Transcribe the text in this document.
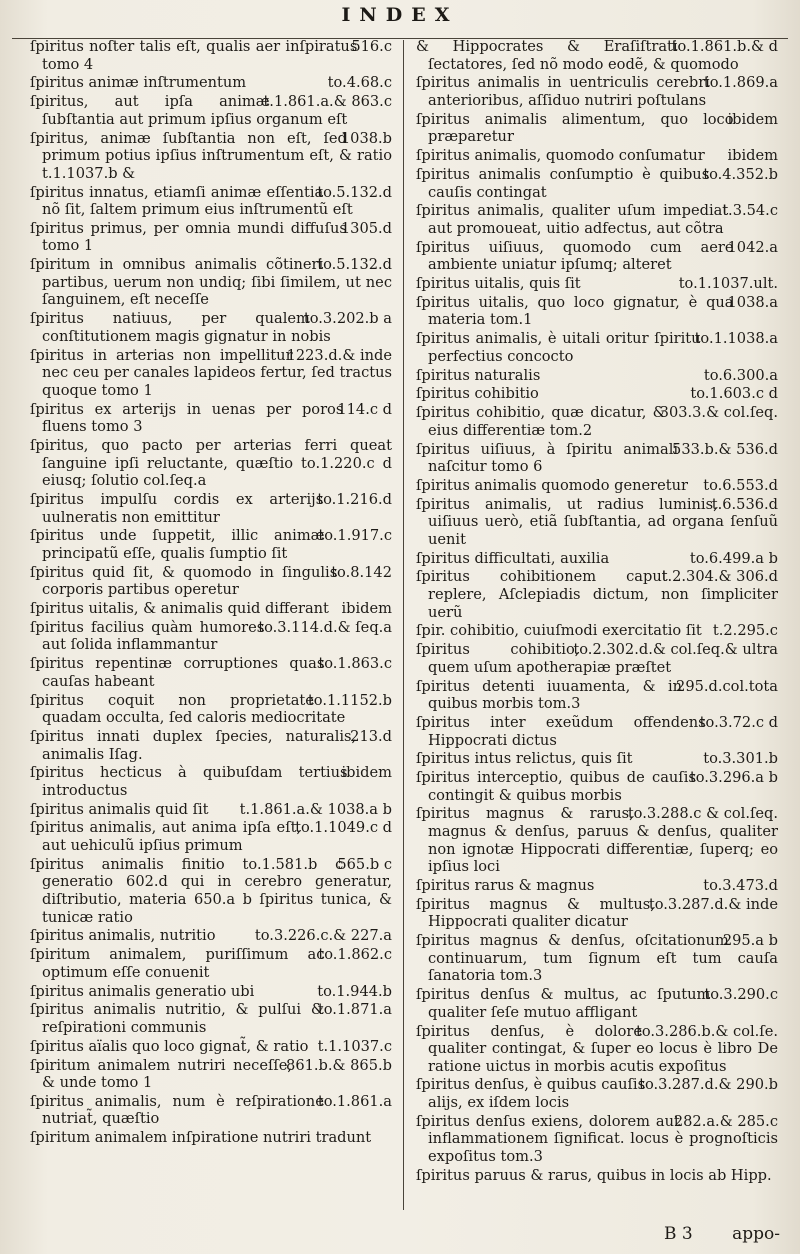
INDEX
516.c
ſpiritus noſter talis eſt, qualis aer inſpiratus tomo 4
to.4.68.c
ſpiritus animæ inſtrumentum
t.1.861.a.& 863.c
ſpiritus, aut ipſa animæ ſubſtantia aut primum ipſius organum eſt
1038.b
ſpiritus, animæ ſubſtantia non eſt, ſed primum potius ipſius inſtrumentum eſt, & ratio t.1.1037.b &
to.5.132.d
ſpiritus innatus, etiamſi animæ eſſentia nõ ſit, ſaltem primum eius inſtrumentũ eſt
1305.d
ſpiritus primus, per omnia mundi diffuſus tomo 1
to.5.132.d
ſpiritum in omnibus animalis cõtineri partibus, uerum non undiq; ſibi ſimilem, ut nec ſanguinem, eſt neceſſe
to.3.202.b a
ſpiritus natiuus, per qualem conſtitutionem magis gignatur in nobis
1223.d.& inde
ſpiritus in arterias non impellitur nec ceu per canales lapideos fertur, ſed tractus quoque tomo 1
114.c d
ſpiritus ex arterijs in uenas per poros fluens tomo 3
ſpiritus, quo pacto per arterias ferri queat ſanguine ipſi reluctante, quæſtio to.1.220.c d eiusq; ſolutio col.ſeq.a
to.1.216.d
ſpiritus impulſu cordis ex arterijs uulneratis non emittitur
to.1.917.c
ſpiritus unde ſuppetit, illic animæ principatũ eſſe, qualis ſumptio ſit
to.8.142
ſpiritus quid ſit, & quomodo in ſingulis corporis partibus operetur
ibidem
ſpiritus uitalis, & animalis quid differant
to.3.114.d.& ſeq.a
ſpiritus facilius quàm humores aut ſolida inflammantur
to.1.863.c
ſpiritus repentinæ corruptiones quas cauſas habeant
to.1.1152.b
ſpiritus coquit non proprietate quadam occulta, ſed caloris mediocritate
213.d
ſpiritus innati duplex ſpecies, naturalis, animalis Iſag.
ibidem
ſpiritus hecticus à quibuſdam tertius introductus
t.1.861.a.& 1038.a b
ſpiritus animalis quid ſit
to.1.1049.c d
ſpiritus animalis, aut anima ipſa eſt, aut uehiculũ ipſius primum
565.b c
ſpiritus animalis finitio to.1.581.b c generatio 602.d qui in cerebro generatur, diſtributio, materia 650.a b ſpiritus tunica, & tunicæ ratio
to.3.226.c.& 227.a
ſpiritus animalis, nutritio
to.1.862.c
ſpiritum animalem, puriſſimum ac optimum eſſe conuenit
to.1.944.b
ſpiritus animalis generatio ubi
to.1.871.a
ſpiritus animalis nutritio, & pulſui & reſpirationi communis
t.1.1037.c
ſpiritus aïalis quo loco gignat̃, & ratio
861.b.& 865.b
ſpiritum animalem nutriri neceſſe, & unde tomo 1
to.1.861.a
ſpiritus animalis, num è reſpiratione nutriat̃, quæſtio
ſpiritum animalem inſpiratione nutriri tradunt
to.1.861.b.& d
& Hippocrates & Eraſiſtrati ſectatores, ſed nõ modo eodẽ, & quomodo
to.1.869.a
ſpiritus animalis in uentriculis cerebri anterioribus, aſſiduo nutriri poſtulans
ibidem
ſpiritus animalis alimentum, quo loco præparetur
ibidem
ſpiritus animalis, quomodo conſumatur
to.4.352.b
ſpiritus animalis conſumptio è quibus cauſis contingat
t.3.54.c
ſpiritus animalis, qualiter uſum impediat aut promoueat, uitio adfectus, aut cõtra
1042.a
ſpiritus uiſiuus, quomodo cum aere ambiente uniatur ipſumq; alteret
to.1.1037.ult.
ſpiritus uitalis, quis ſit
1038.a
ſpiritus uitalis, quo loco gignatur, è qua materia tom.1
to.1.1038.a
ſpiritus animalis, è uitali oritur ſpiritu perfectius concocto
to.6.300.a
ſpiritus naturalis
to.1.603.c d
ſpiritus cohibitio
303.3.& col.ſeq.
ſpiritus cohibitio, quæ dicatur, & eius differentiæ tom.2
533.b.& 536.d
ſpiritus uiſiuus, à ſpiritu animali naſcitur tomo 6
to.6.553.d
ſpiritus animalis quomodo generetur
t.6.536.d
ſpiritus animalis, ut radius luminis, uiſiuus uerò, etiã ſubſtantia, ad organa ſenſuũ uenit
to.6.499.a b
ſpiritus difficultati, auxilia
t.2.304.& 306.d
ſpiritus cohibitionem caput replere, Aſclepiadis dictum, non ſimpliciter uerũ
t.2.295.c
ſpir. cohibitio, cuiuſmodi exercitatio ſit
to.2.302.d.& col.ſeq.& ultra
ſpiritus cohibitio, quem uſum apotherapiæ præſtet
295.d.col.tota
ſpiritus detenti iuuamenta, & in quibus morbis tom.3
to.3.72.c d
ſpiritus inter exeũdum offendens Hippocrati dictus
to.3.301.b
ſpiritus intus relictus, quis ſit
to.3.296.a b
ſpiritus interceptio, quibus de cauſis contingit & quibus morbis
to.3.288.c & col.ſeq.
ſpiritus magnus & rarus, magnus & denſus, paruus & denſus, qualiter non ignotæ Hippocrati differentiæ, ſuperq; eo ipſius loci
to.3.473.d
ſpiritus rarus & magnus
to.3.287.d.& inde
ſpiritus magnus & multus, Hippocrati qualiter dicatur
295.a b
ſpiritus magnus & denſus, oſcitationum continuarum, tum ſignum eſt tum cauſa ſanatoria tom.3
to.3.290.c
ſpiritus denſus & multus, ac ſputum qualiter ſeſe mutuo affligant
to.3.286.b.& col.ſe.
ſpiritus denſus, è dolore qualiter contingat, & ſuper eo locus è libro De ratione uictus in morbis acutis expoſitus
to.3.287.d.& 290.b
ſpiritus denſus, è quibus cauſis alijs, ex iſdem locis
282.a.& 285.c
ſpiritus denſus exiens, dolorem aut inflammationem ſignificat. locus è prognoſticis expoſitus tom.3
ſpiritus paruus & rarus, quibus in locis ab Hipp.
B 3 appo-
